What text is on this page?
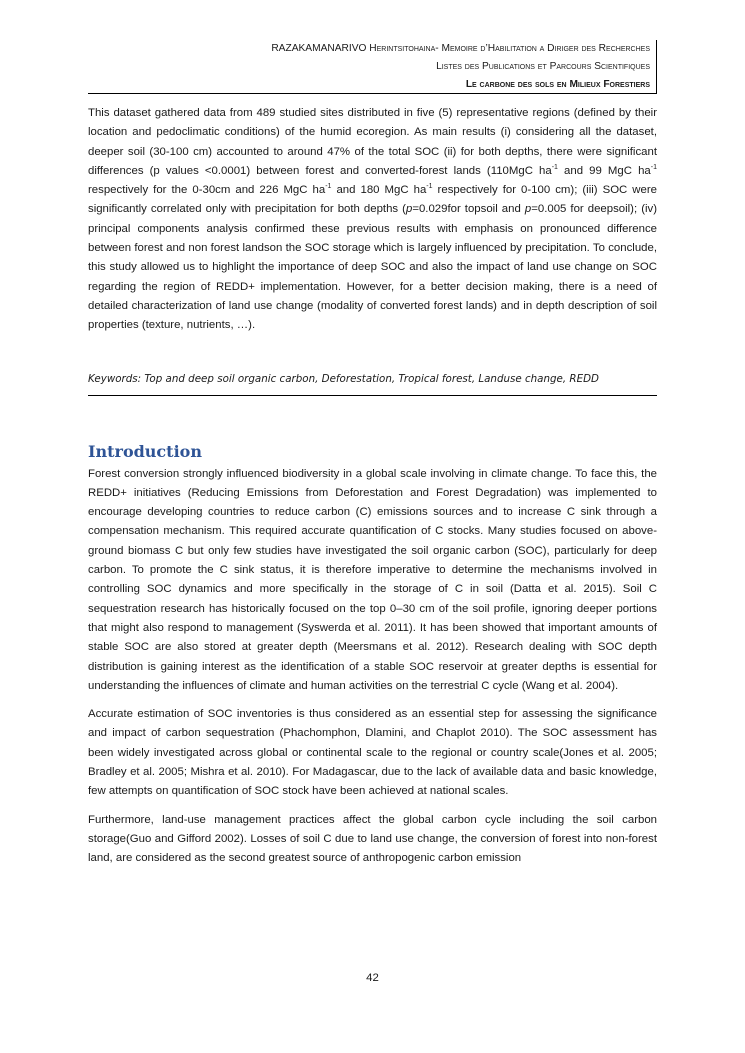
RAZAKAMANARIVO Herintsitohaina- Memoire d’Habilitation a Diriger des Recherches
Listes des Publications et Parcours Scientifiques
Le carbone des sols en Milieux Forestiers

This dataset gathered data from 489 studied sites distributed in five (5) representative regions (defined by their location and pedoclimatic conditions) of the humid ecoregion. As main results (i) considering all the dataset, deeper soil (30-100 cm) accounted to around 47% of the total SOC (ii) for both depths, there were significant differences (p values <0.0001) between forest and converted-forest lands (110MgC $ha^{-1}$ and 99 MgC $ha^{-1}$ respectively for the 0-30cm and 226 MgC $ha^{-1}$ and 180 MgC $ha^{-1}$ respectively for 0-100 cm); (iii) SOC were significantly correlated only with precipitation for both depths (p=0.029for topsoil and p=0.005 for deepsoil); (iv) principal components analysis confirmed these previous results with emphasis on pronounced difference between forest and non forest landson the SOC storage which is largely influenced by precipitation. To conclude, this study allowed us to highlight the importance of deep SOC and also the impact of land use change on SOC regarding the region of REDD+ implementation. However, for a better decision making, there is a need of detailed characterization of land use change (modality of converted forest lands) and in depth description of soil properties (texture, nutrients, …).

Keywords: Top and deep soil organic carbon, Deforestation, Tropical forest, Landuse change, REDD
Introduction

Forest conversion strongly influenced biodiversity in a global scale involving in climate change. To face this, the REDD+ initiatives (Reducing Emissions from Deforestation and Forest Degradation) was implemented to encourage developing countries to reduce carbon (C) emissions sources and to increase C sink through a compensation mechanism. This required accurate quantification of C stocks. Many studies focused on above-ground biomass C but only few studies have investigated the soil organic carbon (SOC), particularly for deep carbon. To promote the C sink status, it is therefore imperative to determine the mechanisms involved in controlling SOC dynamics and more specifically in the storage of C in soil (Datta et al. 2015). Soil C sequestration research has historically focused on the top 0–30 cm of the soil profile, ignoring deeper portions that might also respond to management (Syswerda et al. 2011). It has been showed that important amounts of stable SOC are also stored at greater depth (Meersmans et al. 2012). Research dealing with SOC depth distribution is gaining interest as the identification of a stable SOC reservoir at greater depths is essential for understanding the influences of climate and human activities on the terrestrial C cycle (Wang et al. 2004).

Accurate estimation of SOC inventories is thus considered as an essential step for assessing the significance and impact of carbon sequestration (Phachomphon, Dlamini, and Chaplot 2010). The SOC assessment has been widely investigated across global or continental scale to the regional or country scale(Jones et al. 2005; Bradley et al. 2005; Mishra et al. 2010). For Madagascar, due to the lack of available data and basic knowledge, few attempts on quantification of SOC stock have been achieved at national scales.

Furthermore, land-use management practices affect the global carbon cycle including the soil carbon storage(Guo and Gifford 2002). Losses of soil C due to land use change, the conversion of forest into non-forest land, are considered as the second greatest source of anthropogenic carbon emission

42
